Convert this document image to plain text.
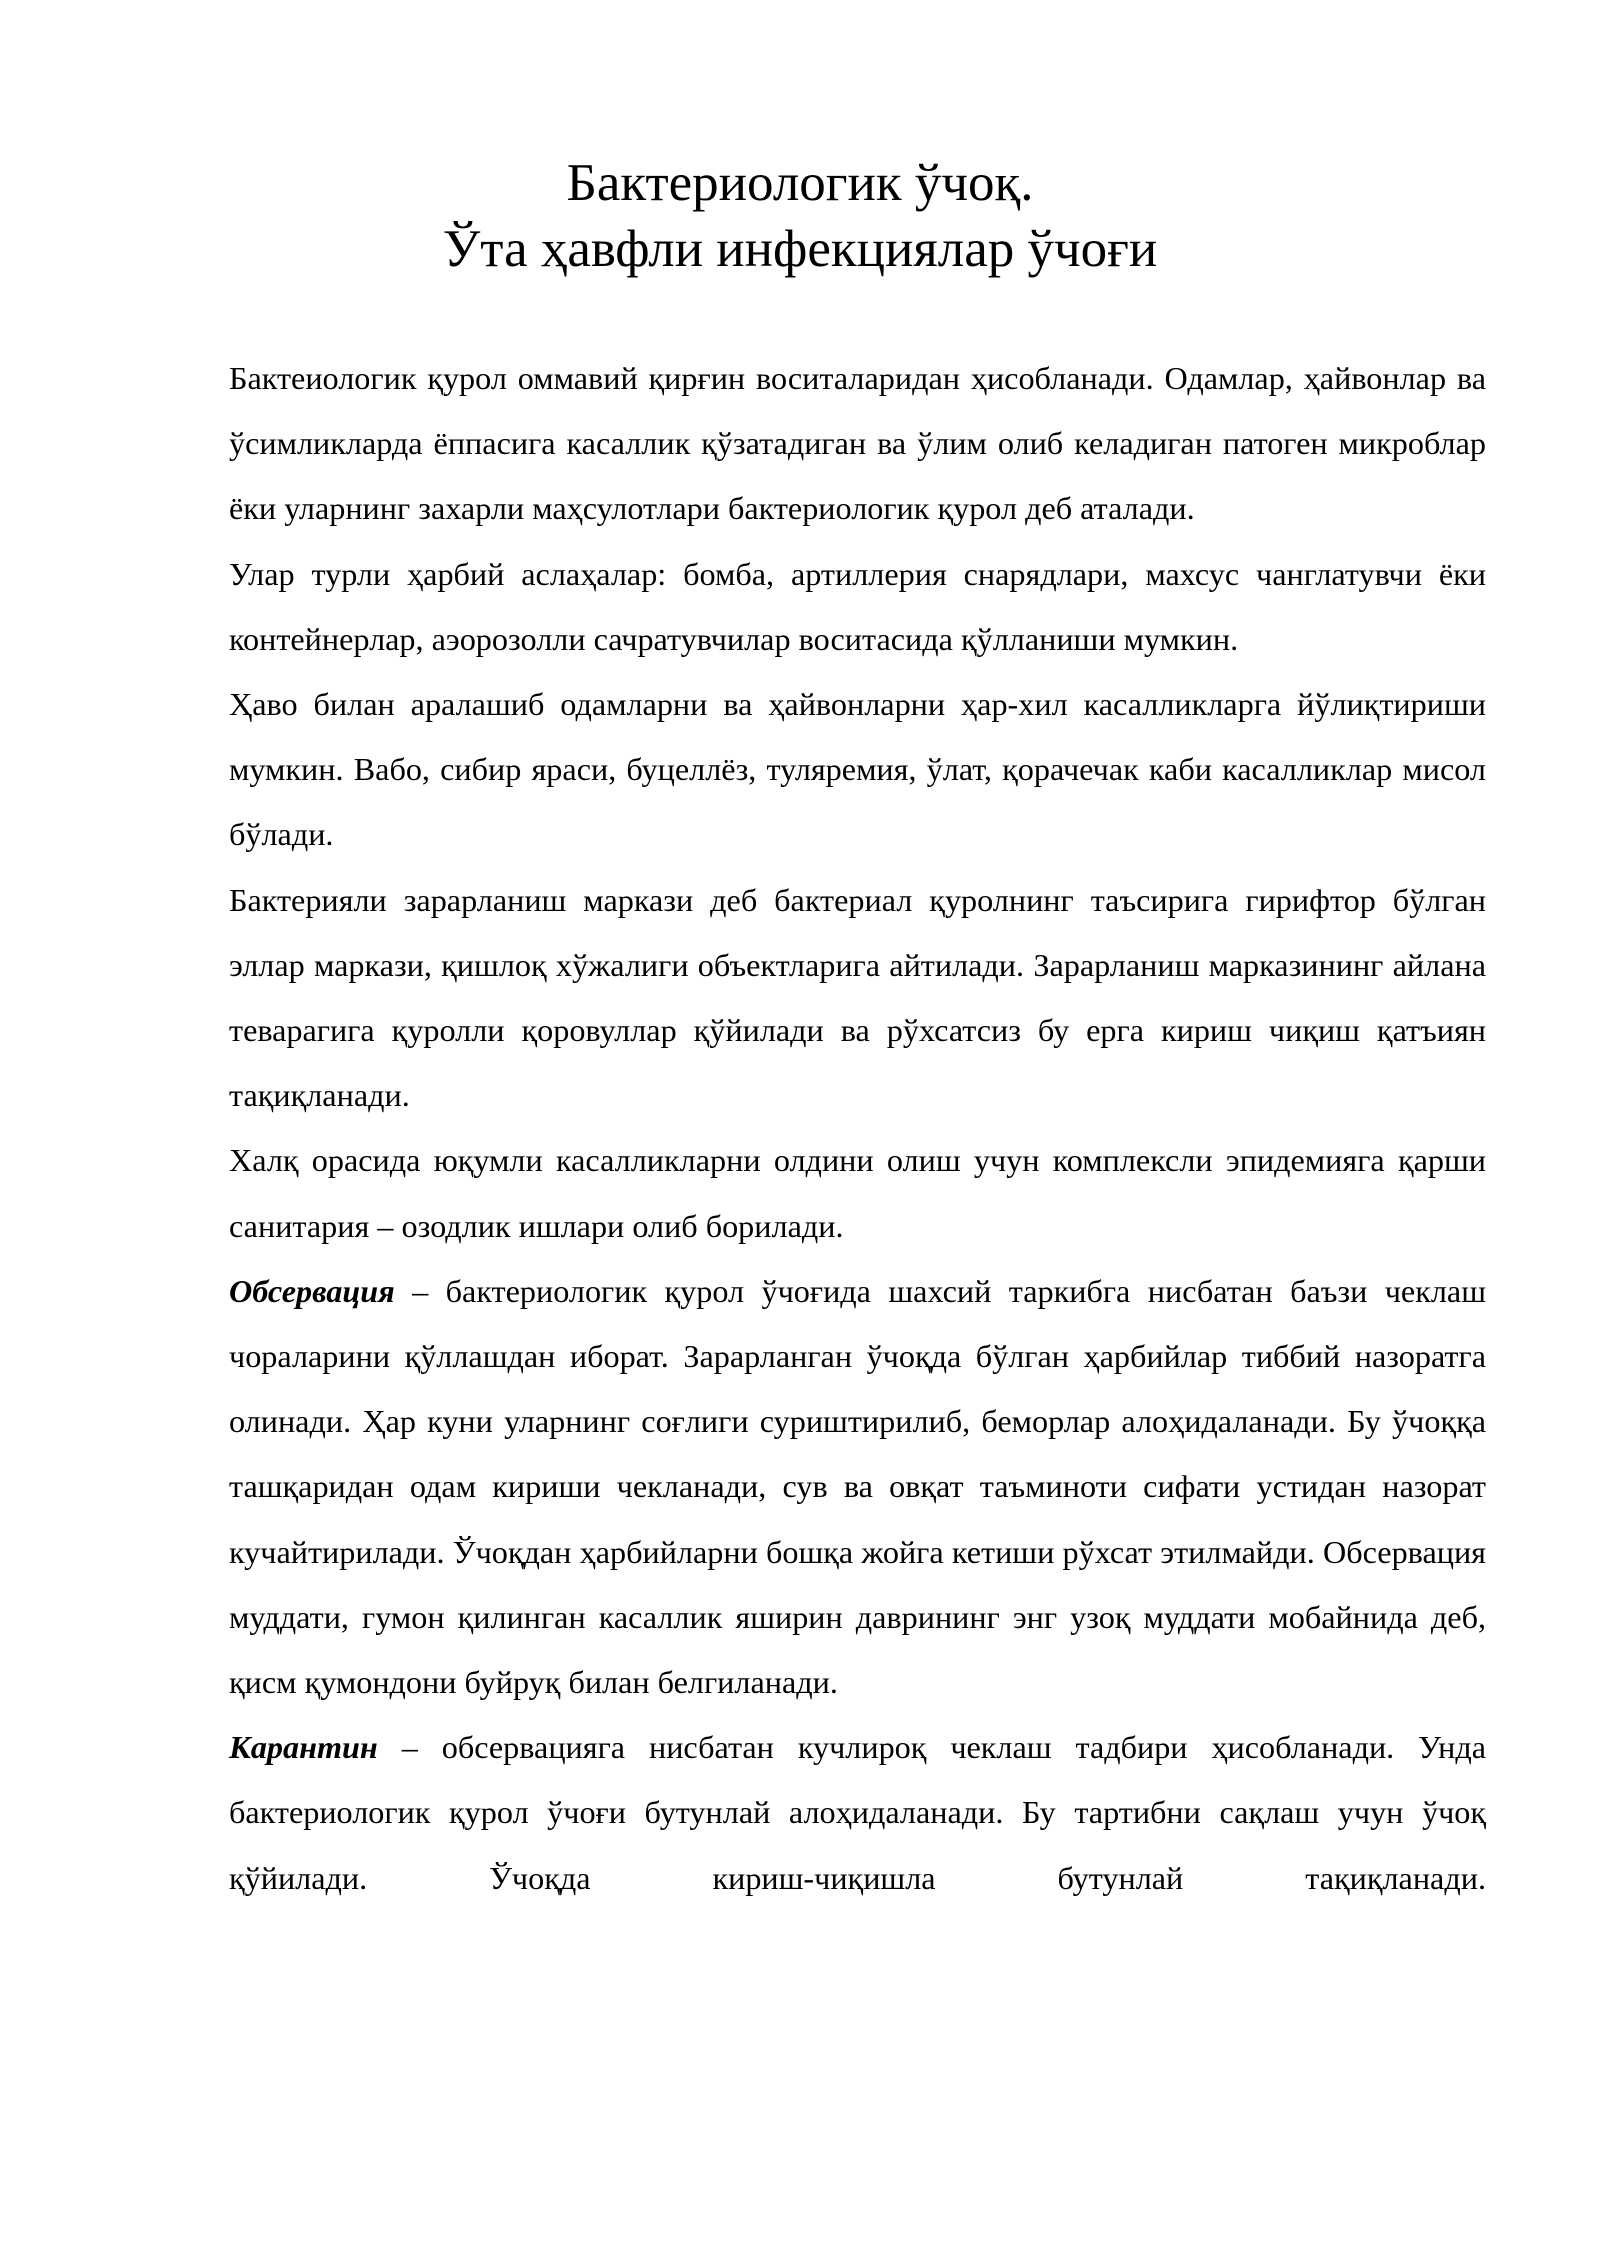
Бактериологик ўчоқ.
Ўта ҳавфли инфекциялар ўчоғи

Бактеиологик қурол оммавий қирғин воситаларидан ҳисобланади. Одамлар, ҳайвонлар ва ўсимликларда ёппасига касаллик қўзатадиган ва ўлим олиб келадиган патоген микроблар ёки уларнинг захарли маҳсулотлари бактериологик қурол деб аталади.

Улар турли ҳарбий аслаҳалар: бомба, артиллерия снарядлари, махсус чанглатувчи ёки контейнерлар, аэорозолли сачратувчилар воситасида қўлланиши мумкин.

Ҳаво билан аралашиб одамларни ва ҳайвонларни ҳар-хил касалликларга йўлиқтириши мумкин. Вабо, сибир яраси, буцеллёз, туляремия, ўлат, қорачечак каби касалликлар мисол бўлади.

Бактерияли зарарланиш маркази деб бактериал қуролнинг таъсирига гирифтор бўлган эллар маркази, қишлоқ хўжалиги объектларига айтилади. Зарарланиш марказининг айлана теварагига қуролли қоровуллар қўйилади ва рўхсатсиз бу ерга кириш чиқиш қатъиян тақиқланади.

Халқ орасида юқумли касалликларни олдини олиш учун комплексли эпидемияга қарши санитария – озодлик ишлари олиб борилади.

Обсервация – бактериологик қурол ўчоғида шахсий таркибга нисбатан баъзи чеклаш чораларини қўллашдан иборат. Зарарланган ўчоқда бўлган ҳарбийлар тиббий назоратга олинади. Ҳар куни уларнинг соғлиги суриштирилиб, беморлар алоҳидаланади. Бу ўчоққа ташқаридан одам кириши чекланади, сув ва овқат таъминоти сифати устидан назорат кучайтирилади. Ўчоқдан ҳарбийларни бошқа жойга кетиши рўхсат этилмайди. Обсервация муддати, гумон қилинган касаллик яширин даврининг энг узоқ муддати мобайнида деб, қисм қумондони буйруқ билан белгиланади.

Карантин – обсервацияга нисбатан кучлироқ чеклаш тадбири ҳисобланади. Унда бактериологик қурол ўчоғи бутунлай алоҳидаланади. Бу тартибни сақлаш учун ўчоқ қўйилади. Ўчоқда кириш-чиқишла бутунлай тақиқланади.
